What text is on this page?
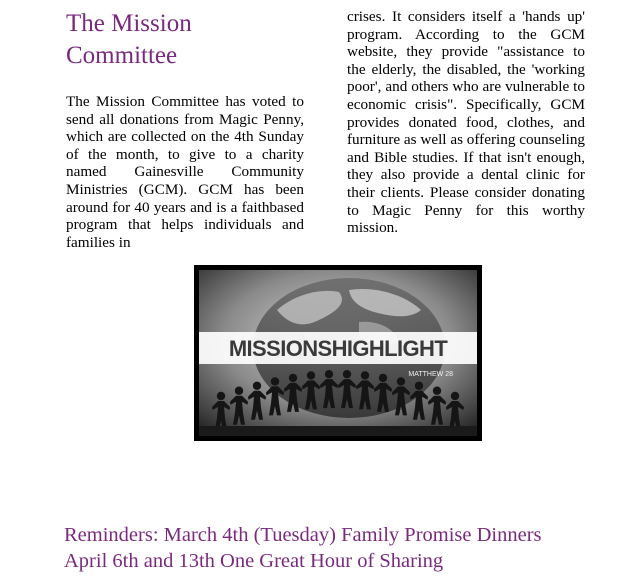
The Mission Committee

The Mission Committee has voted to send all donations from Magic Penny, which are collected on the 4th Sunday of the month, to give to a charity named Gainesville Community Ministries (GCM). GCM has been around for 40 years and is a faithbased program that helps individuals and families in

crises. It considers itself a 'hands up' program. According to the GCM website, they provide "assistance to the elderly, the disabled, the 'working poor', and others who are vulnerable to economic crisis". Specifically, GCM provides donated food, clothes, and furniture as well as offering counseling and Bible studies. If that isn't enough, they also provide a dental clinic for their clients. Please consider donating to Magic Penny for this worthy mission.

MISSIONSHIGHLIGHT
MATTHEW 28

Reminders: March 4th (Tuesday) Family Promise Dinners

April 6th and 13th One Great Hour of Sharing
